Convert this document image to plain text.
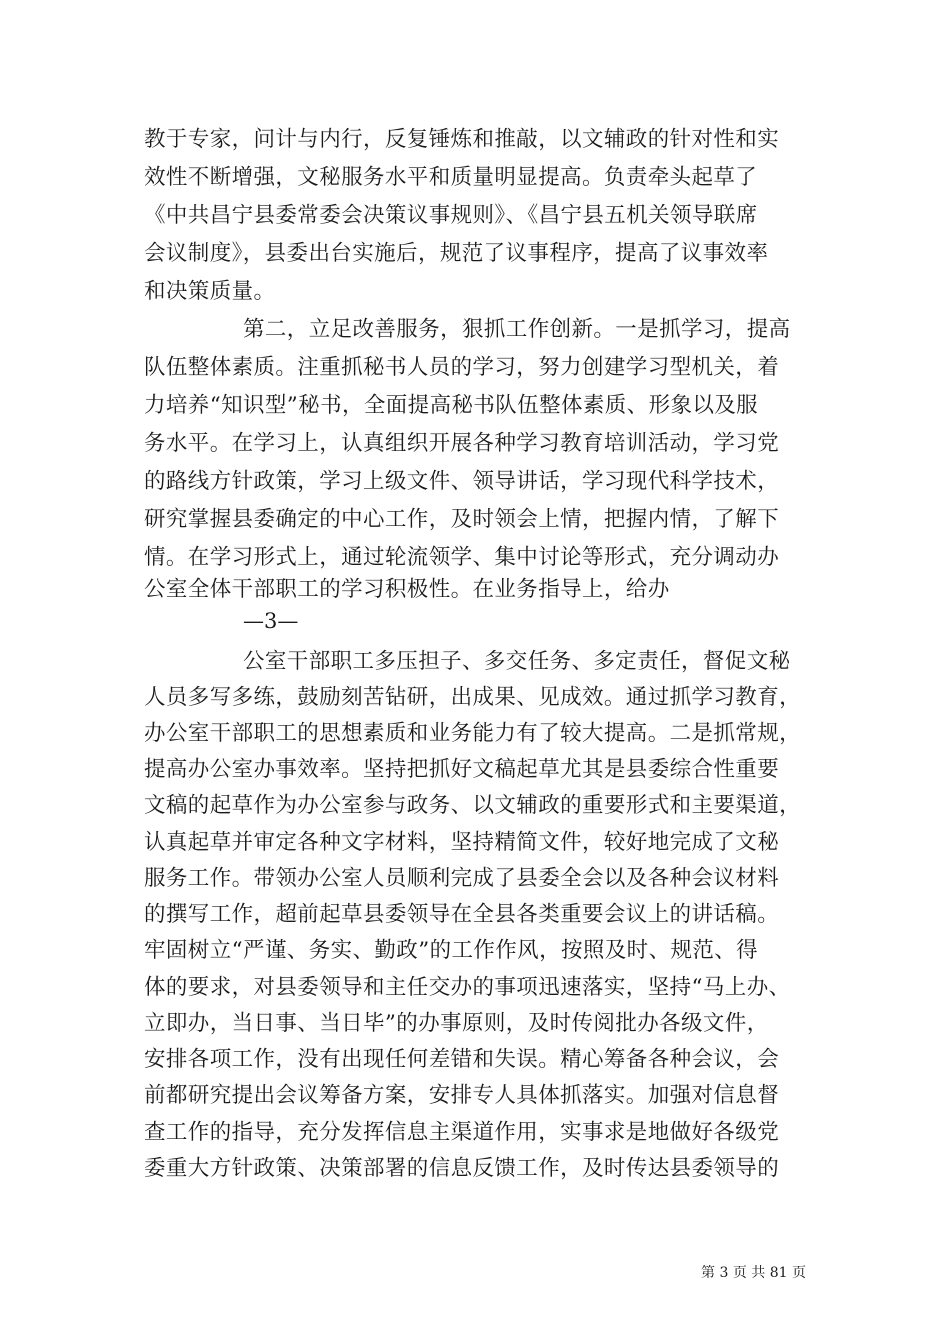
教于专家，问计与内行，反复锤炼和推敲，以文辅政的针对性和实
效性不断增强，文秘服务水平和质量明显提高。负责牵头起草了
《中共昌宁县委常委会决策议事规则》、《昌宁县五机关领导联席
会议制度》，县委出台实施后，规范了议事程序，提高了议事效率
和决策质量。
第二，立足改善服务，狠抓工作创新。一是抓学习，提高
队伍整体素质。注重抓秘书人员的学习，努力创建学习型机关，着
力培养“知识型”秘书，全面提高秘书队伍整体素质、形象以及服
务水平。在学习上，认真组织开展各种学习教育培训活动，学习党
的路线方针政策，学习上级文件、领导讲话，学习现代科学技术，
研究掌握县委确定的中心工作，及时领会上情，把握内情，了解下
情。在学习形式上，通过轮流领学、集中讨论等形式，充分调动办
公室全体干部职工的学习积极性。在业务指导上，给办
—3—
公室干部职工多压担子、多交任务、多定责任，督促文秘
人员多写多练，鼓励刻苦钻研，出成果、见成效。通过抓学习教育，
办公室干部职工的思想素质和业务能力有了较大提高。二是抓常规，
提高办公室办事效率。坚持把抓好文稿起草尤其是县委综合性重要
文稿的起草作为办公室参与政务、以文辅政的重要形式和主要渠道，
认真起草并审定各种文字材料，坚持精简文件，较好地完成了文秘
服务工作。带领办公室人员顺利完成了县委全会以及各种会议材料
的撰写工作，超前起草县委领导在全县各类重要会议上的讲话稿。
牢固树立“严谨、务实、勤政”的工作作风，按照及时、规范、得
体的要求，对县委领导和主任交办的事项迅速落实，坚持“马上办、
立即办，当日事、当日毕”的办事原则，及时传阅批办各级文件，
安排各项工作，没有出现任何差错和失误。精心筹备各种会议，会
前都研究提出会议筹备方案，安排专人具体抓落实。加强对信息督
查工作的指导，充分发挥信息主渠道作用，实事求是地做好各级党
委重大方针政策、决策部署的信息反馈工作，及时传达县委领导的
第 3 页 共 81 页
